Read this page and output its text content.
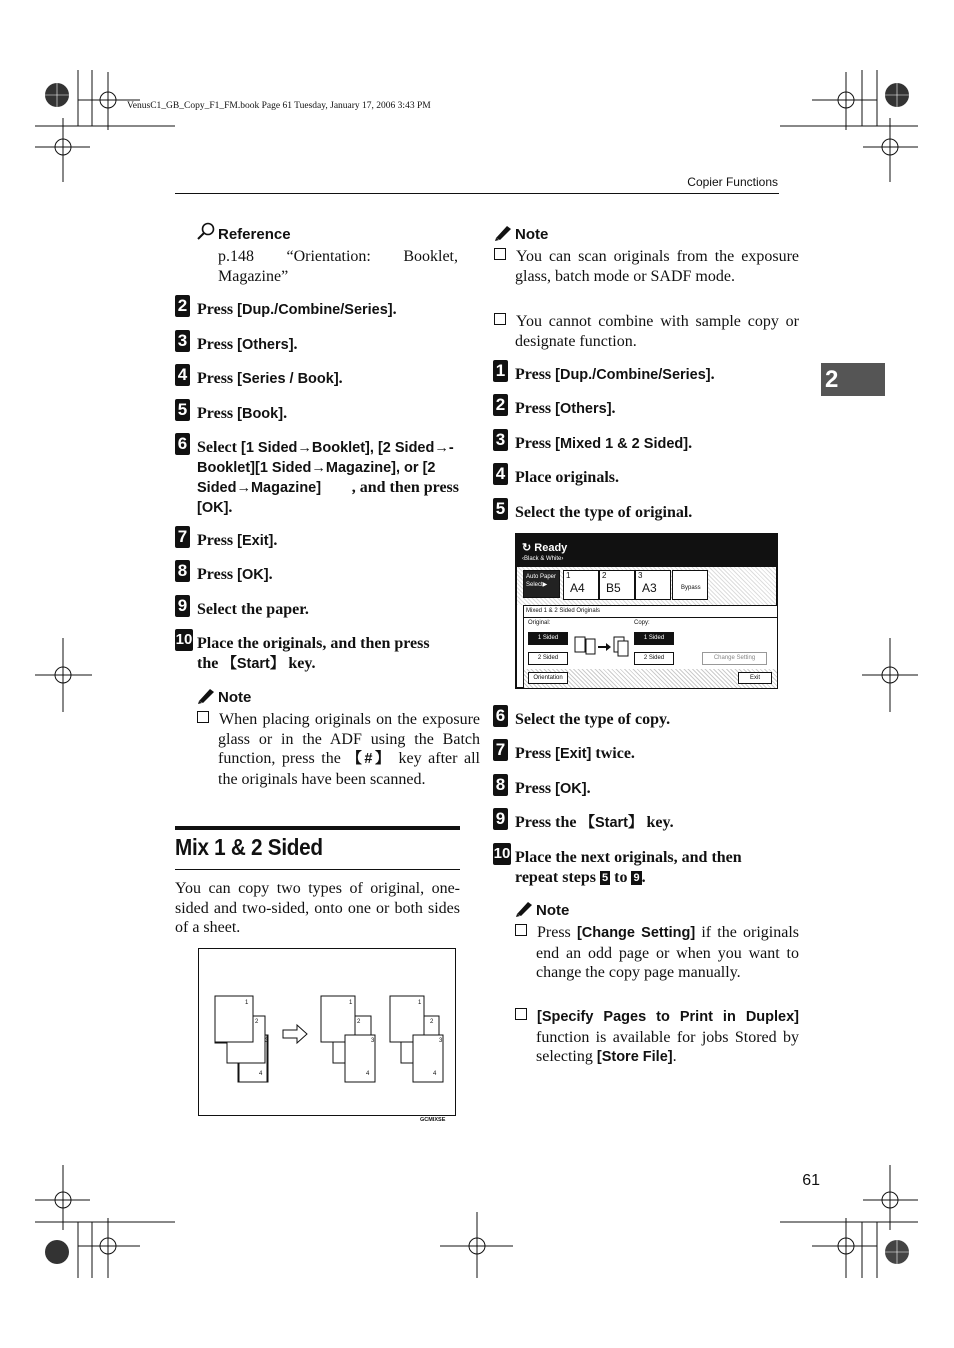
VenusC1_GB_Copy_F1_FM.book Page 61 Tuesday, January 17, 2006 3:43 PM
Copier Functions
2
Reference
p.148 “Orientation: Booklet, Magazine”
2 Press [Dup./Combine/Series].
3 Press [Others].
4 Press [Series / Book].
5 Press [Book].
6 Select [1 Sided→Booklet], [2 Sided→-
Booklet][1 Sided→Magazine], or [2
Sided→Magazine] , and then press
[OK].
7 Press [Exit].
8 Press [OK].
9 Select the paper.
10 Place the originals, and then press
the 【Start】 key.
Note
When placing originals on the exposure glass or in the ADF using the Batch function, press the 【#】 key after all the originals have been scanned.
Mix 1 & 2 Sided
You can copy two types of original, one-sided and two-sided, onto one or both sides of a sheet.
1
2
3
4
1
2
3
4
1
2
3
4
GCMIXSE
Note
You can scan originals from the exposure glass, batch mode or SADF mode.
You cannot combine with sample copy or designate function.
1 Press [Dup./Combine/Series].
2 Press [Others].
3 Press [Mixed 1 & 2 Sided].
4 Place originals.
5 Select the type of original.
↻ Ready
‹Black & White›
Auto Paper Select▶
1
A4
2
B5
3
A3	Bypass
Mixed 1 & 2 Sided Originals
Original:	Copy:
1 Sided
2 Sided
1 Sided
2 Sided	Change Setting
Orientation	Exit
6 Select the type of copy.
7 Press [Exit] twice.
8 Press [OK].
9 Press the 【Start】 key.
10 Place the next originals, and then
repeat steps 5 to 9 .
Note
Press [Change Setting] if the originals end an odd page or when you want to change the copy page manually.
[Specify Pages to Print in Duplex] function is available for jobs Stored by selecting [Store File].
61
